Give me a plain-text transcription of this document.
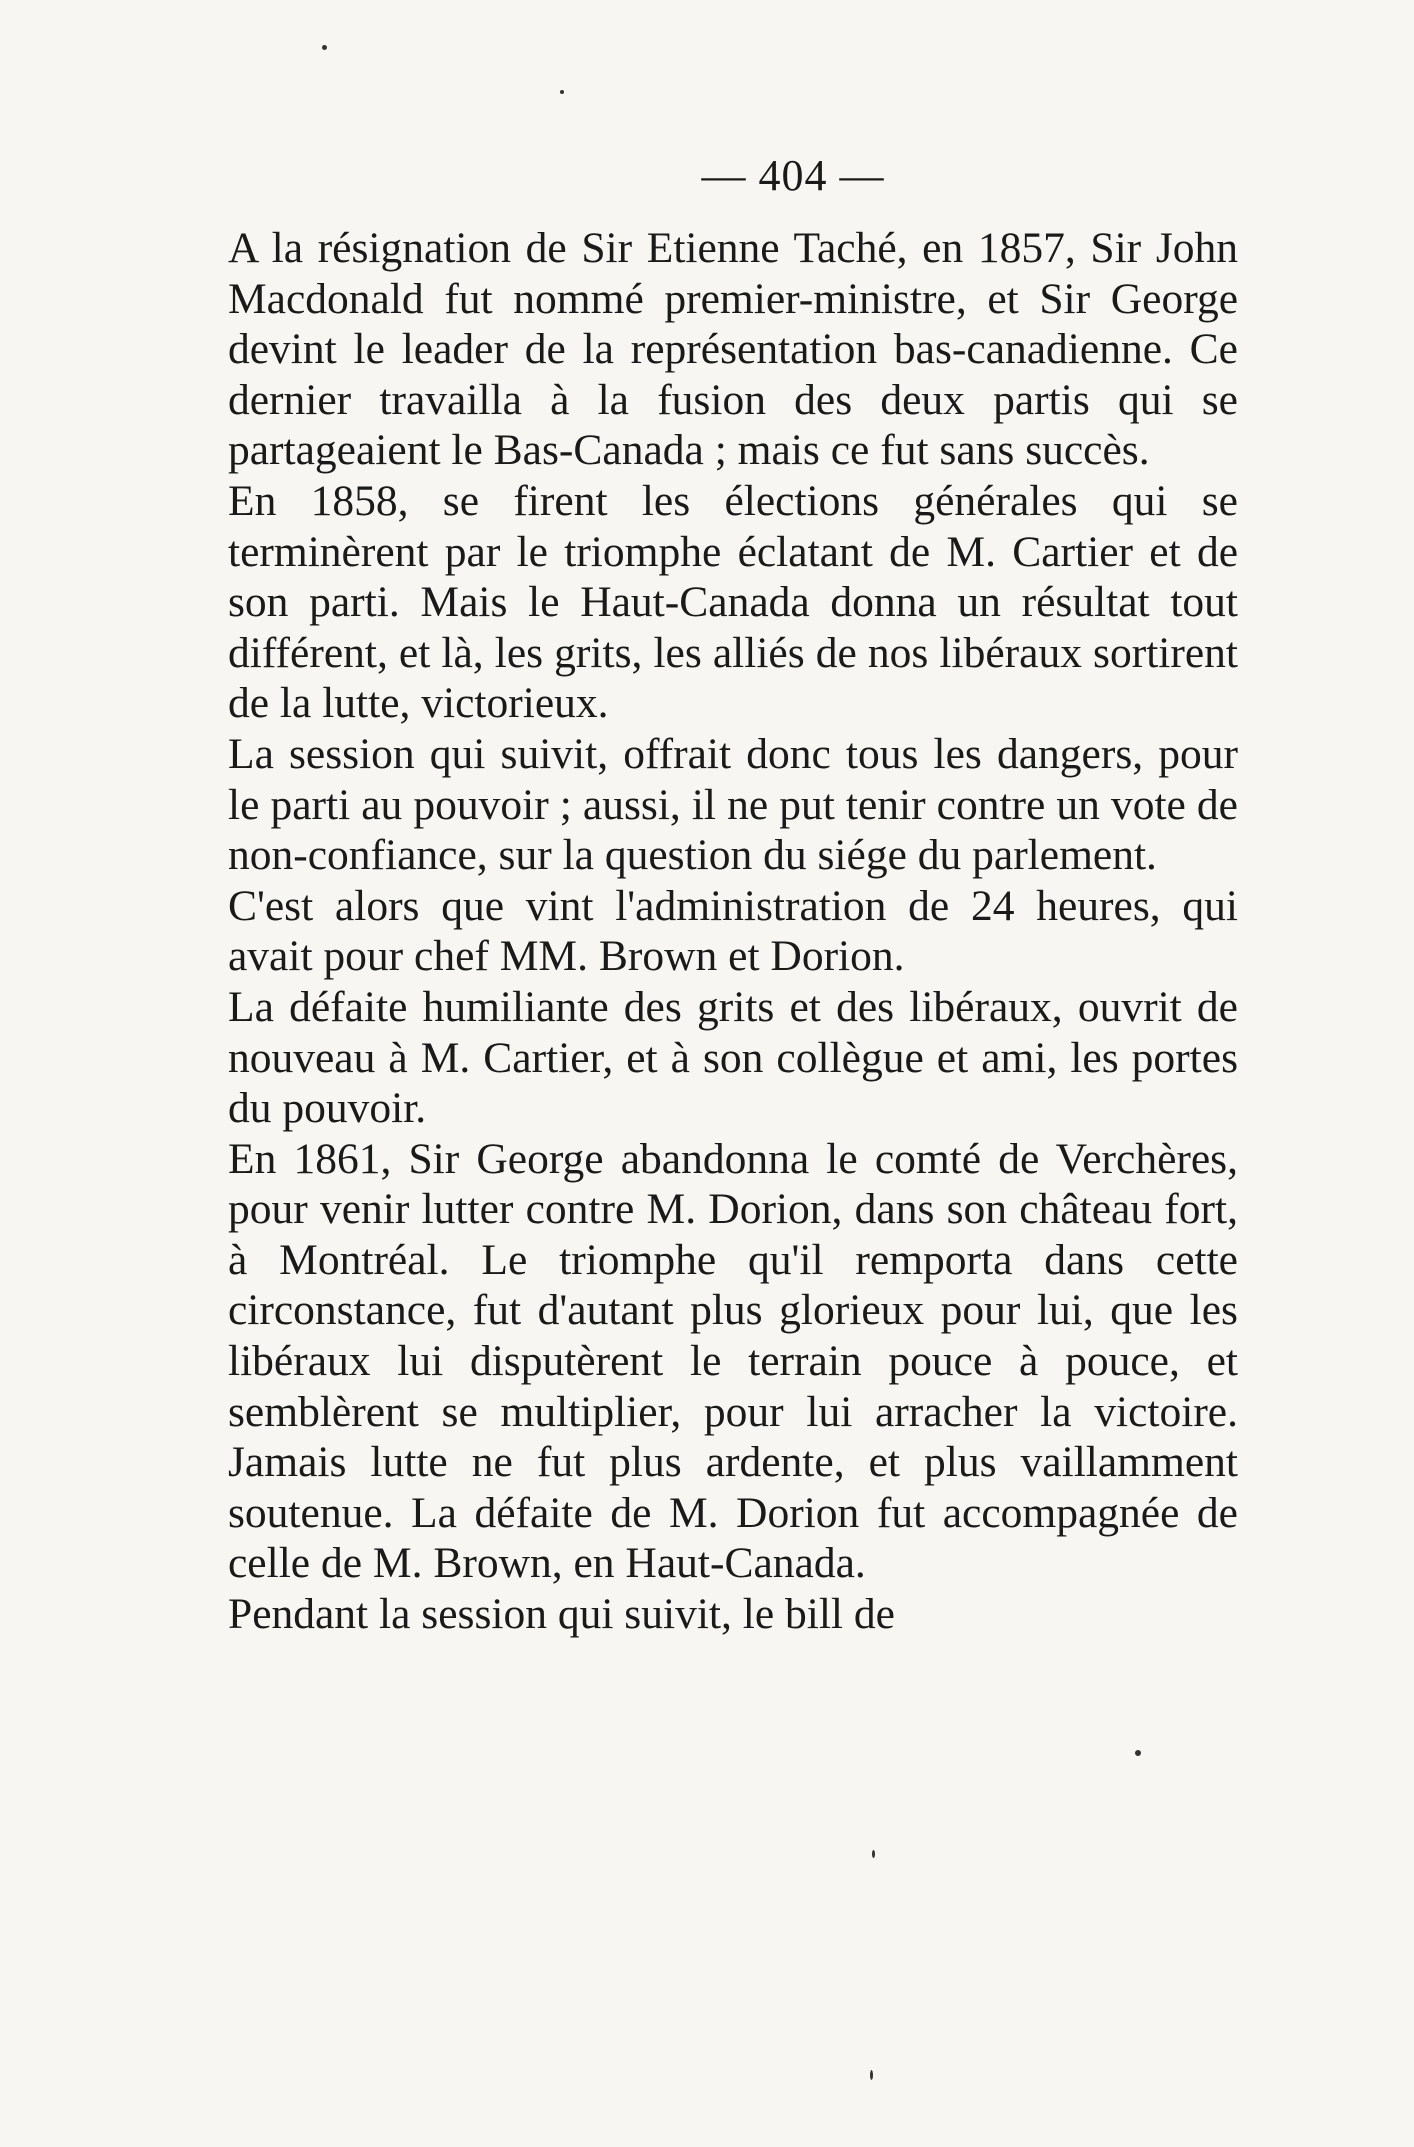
— 404 —

A la résignation de Sir Etienne Taché, en 1857, Sir John Macdonald fut nommé premier-ministre, et Sir George devint le leader de la représentation bas-canadienne. Ce dernier travailla à la fusion des deux partis qui se partageaient le Bas-Canada ; mais ce fut sans succès.

En 1858, se firent les élections générales qui se terminèrent par le triomphe éclatant de M. Cartier et de son parti. Mais le Haut-Canada donna un résultat tout différent, et là, les grits, les alliés de nos libéraux sortirent de la lutte, victorieux.

La session qui suivit, offrait donc tous les dangers, pour le parti au pouvoir ; aussi, il ne put tenir contre un vote de non-confiance, sur la question du siége du parlement.

C'est alors que vint l'administration de 24 heures, qui avait pour chef MM. Brown et Dorion.

La défaite humiliante des grits et des libéraux, ouvrit de nouveau à M. Cartier, et à son collègue et ami, les portes du pouvoir.

En 1861, Sir George abandonna le comté de Verchères, pour venir lutter contre M. Dorion, dans son château fort, à Montréal. Le triomphe qu'il remporta dans cette circonstance, fut d'autant plus glorieux pour lui, que les libéraux lui disputèrent le terrain pouce à pouce, et semblèrent se multiplier, pour lui arracher la victoire. Jamais lutte ne fut plus ardente, et plus vaillamment soutenue. La défaite de M. Dorion fut accompagnée de celle de M. Brown, en Haut-Canada.

Pendant la session qui suivit, le bill de
